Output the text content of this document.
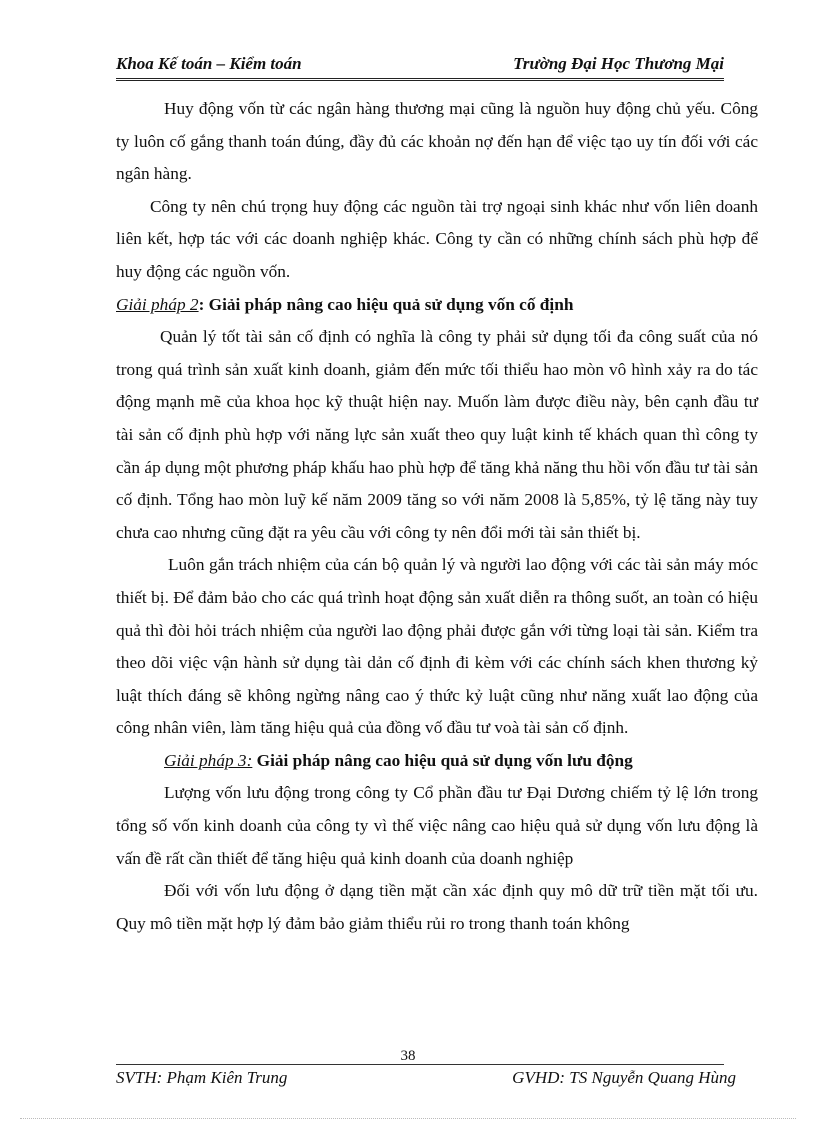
Khoa Kế toán – Kiểm toán	Trường Đại Học Thương Mại

Huy động vốn từ các ngân hàng thương mại cũng là nguồn huy động chủ yếu. Công ty luôn cố gắng thanh toán đúng, đầy đủ các khoản nợ đến hạn để việc tạo uy tín đối với các ngân hàng.

Công ty nên chú trọng huy động các nguồn tài trợ ngoại sinh khác như vốn liên doanh liên kết, hợp tác với các doanh nghiệp khác. Công ty cần có những chính sách phù hợp để huy động các nguồn vốn.

Giải pháp 2: Giải pháp nâng cao hiệu quả sử dụng vốn cố định

Quản lý tốt tài sản cố định có nghĩa là công ty phải sử dụng tối đa công suất của nó trong quá trình sản xuất kinh doanh, giảm đến mức tối thiểu hao mòn vô hình xảy ra do tác động mạnh mẽ của khoa học kỹ thuật hiện nay. Muốn làm được điều này, bên cạnh đầu tư tài sản cố định phù hợp với năng lực sản xuất theo quy luật kinh tế khách quan thì công ty cần áp dụng một phương pháp khấu hao phù hợp để tăng khả năng thu hồi vốn đầu tư tài sản cố định. Tổng hao mòn luỹ kế năm 2009 tăng so với năm 2008 là 5,85%, tỷ lệ tăng này tuy chưa cao nhưng cũng đặt ra yêu cầu với công ty nên đổi mới tài sản thiết bị.

Luôn gắn trách nhiệm của cán bộ quản lý và người lao động với các tài sản máy móc thiết bị. Để đảm bảo cho các quá trình hoạt động sản xuất diễn ra thông suốt, an toàn có hiệu quả thì đòi hỏi trách nhiệm của người lao động phải được gắn với từng loại tài sản. Kiểm tra theo dõi việc vận hành sử dụng tài dản cố định đi kèm với các chính sách khen thương kỷ luật thích đáng sẽ không ngừng nâng cao ý thức kỷ luật cũng như năng xuất lao động của công nhân viên, làm tăng hiệu quả của đồng vố đầu tư voà tài sản cố định.

Giải pháp 3: Giải pháp nâng cao hiệu quả sử dụng vốn lưu động

Lượng vốn lưu động trong công ty Cổ phần đầu tư Đại Dương chiếm tỷ lệ lớn trong tổng số vốn kinh doanh của công ty vì thế việc nâng cao hiệu quả sử dụng vốn lưu động là vấn đề rất cần thiết để tăng hiệu quả kinh doanh của doanh nghiệp

Đối với vốn lưu động ở dạng tiền mặt cần xác định quy mô dữ trữ tiền mặt tối ưu. Quy mô tiền mặt hợp lý đảm bảo giảm thiểu rủi ro trong thanh toán không

38
SVTH: Phạm Kiên Trung	GVHD: TS Nguyễn Quang Hùng
